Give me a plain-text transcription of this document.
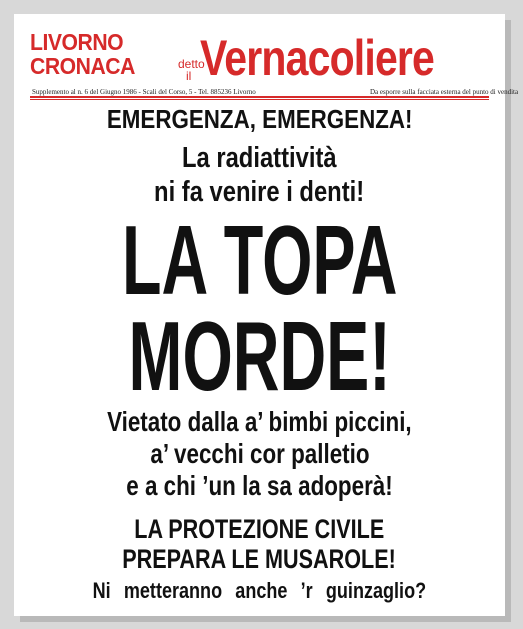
LIVORNO
CRONACA	detto
il Vernacoliere
Supplemento al n. 6 del Giugno 1986 - Scali del Corso, 5 - Tel. 885236 Livorno	Da esporre sulla facciata esterna del punto di vendita
EMERGENZA, EMERGENZA!
La radiattività
ni fa venire i denti!
LA TOPA
MORDE!
Vietato dalla a’ bimbi piccini,
a’ vecchi cor palletio
e a chi ’un la sa adoperà!
LA PROTEZIONE CIVILE
PREPARA LE MUSAROLE!
Ni metteranno anche ’r guinzaglio?
